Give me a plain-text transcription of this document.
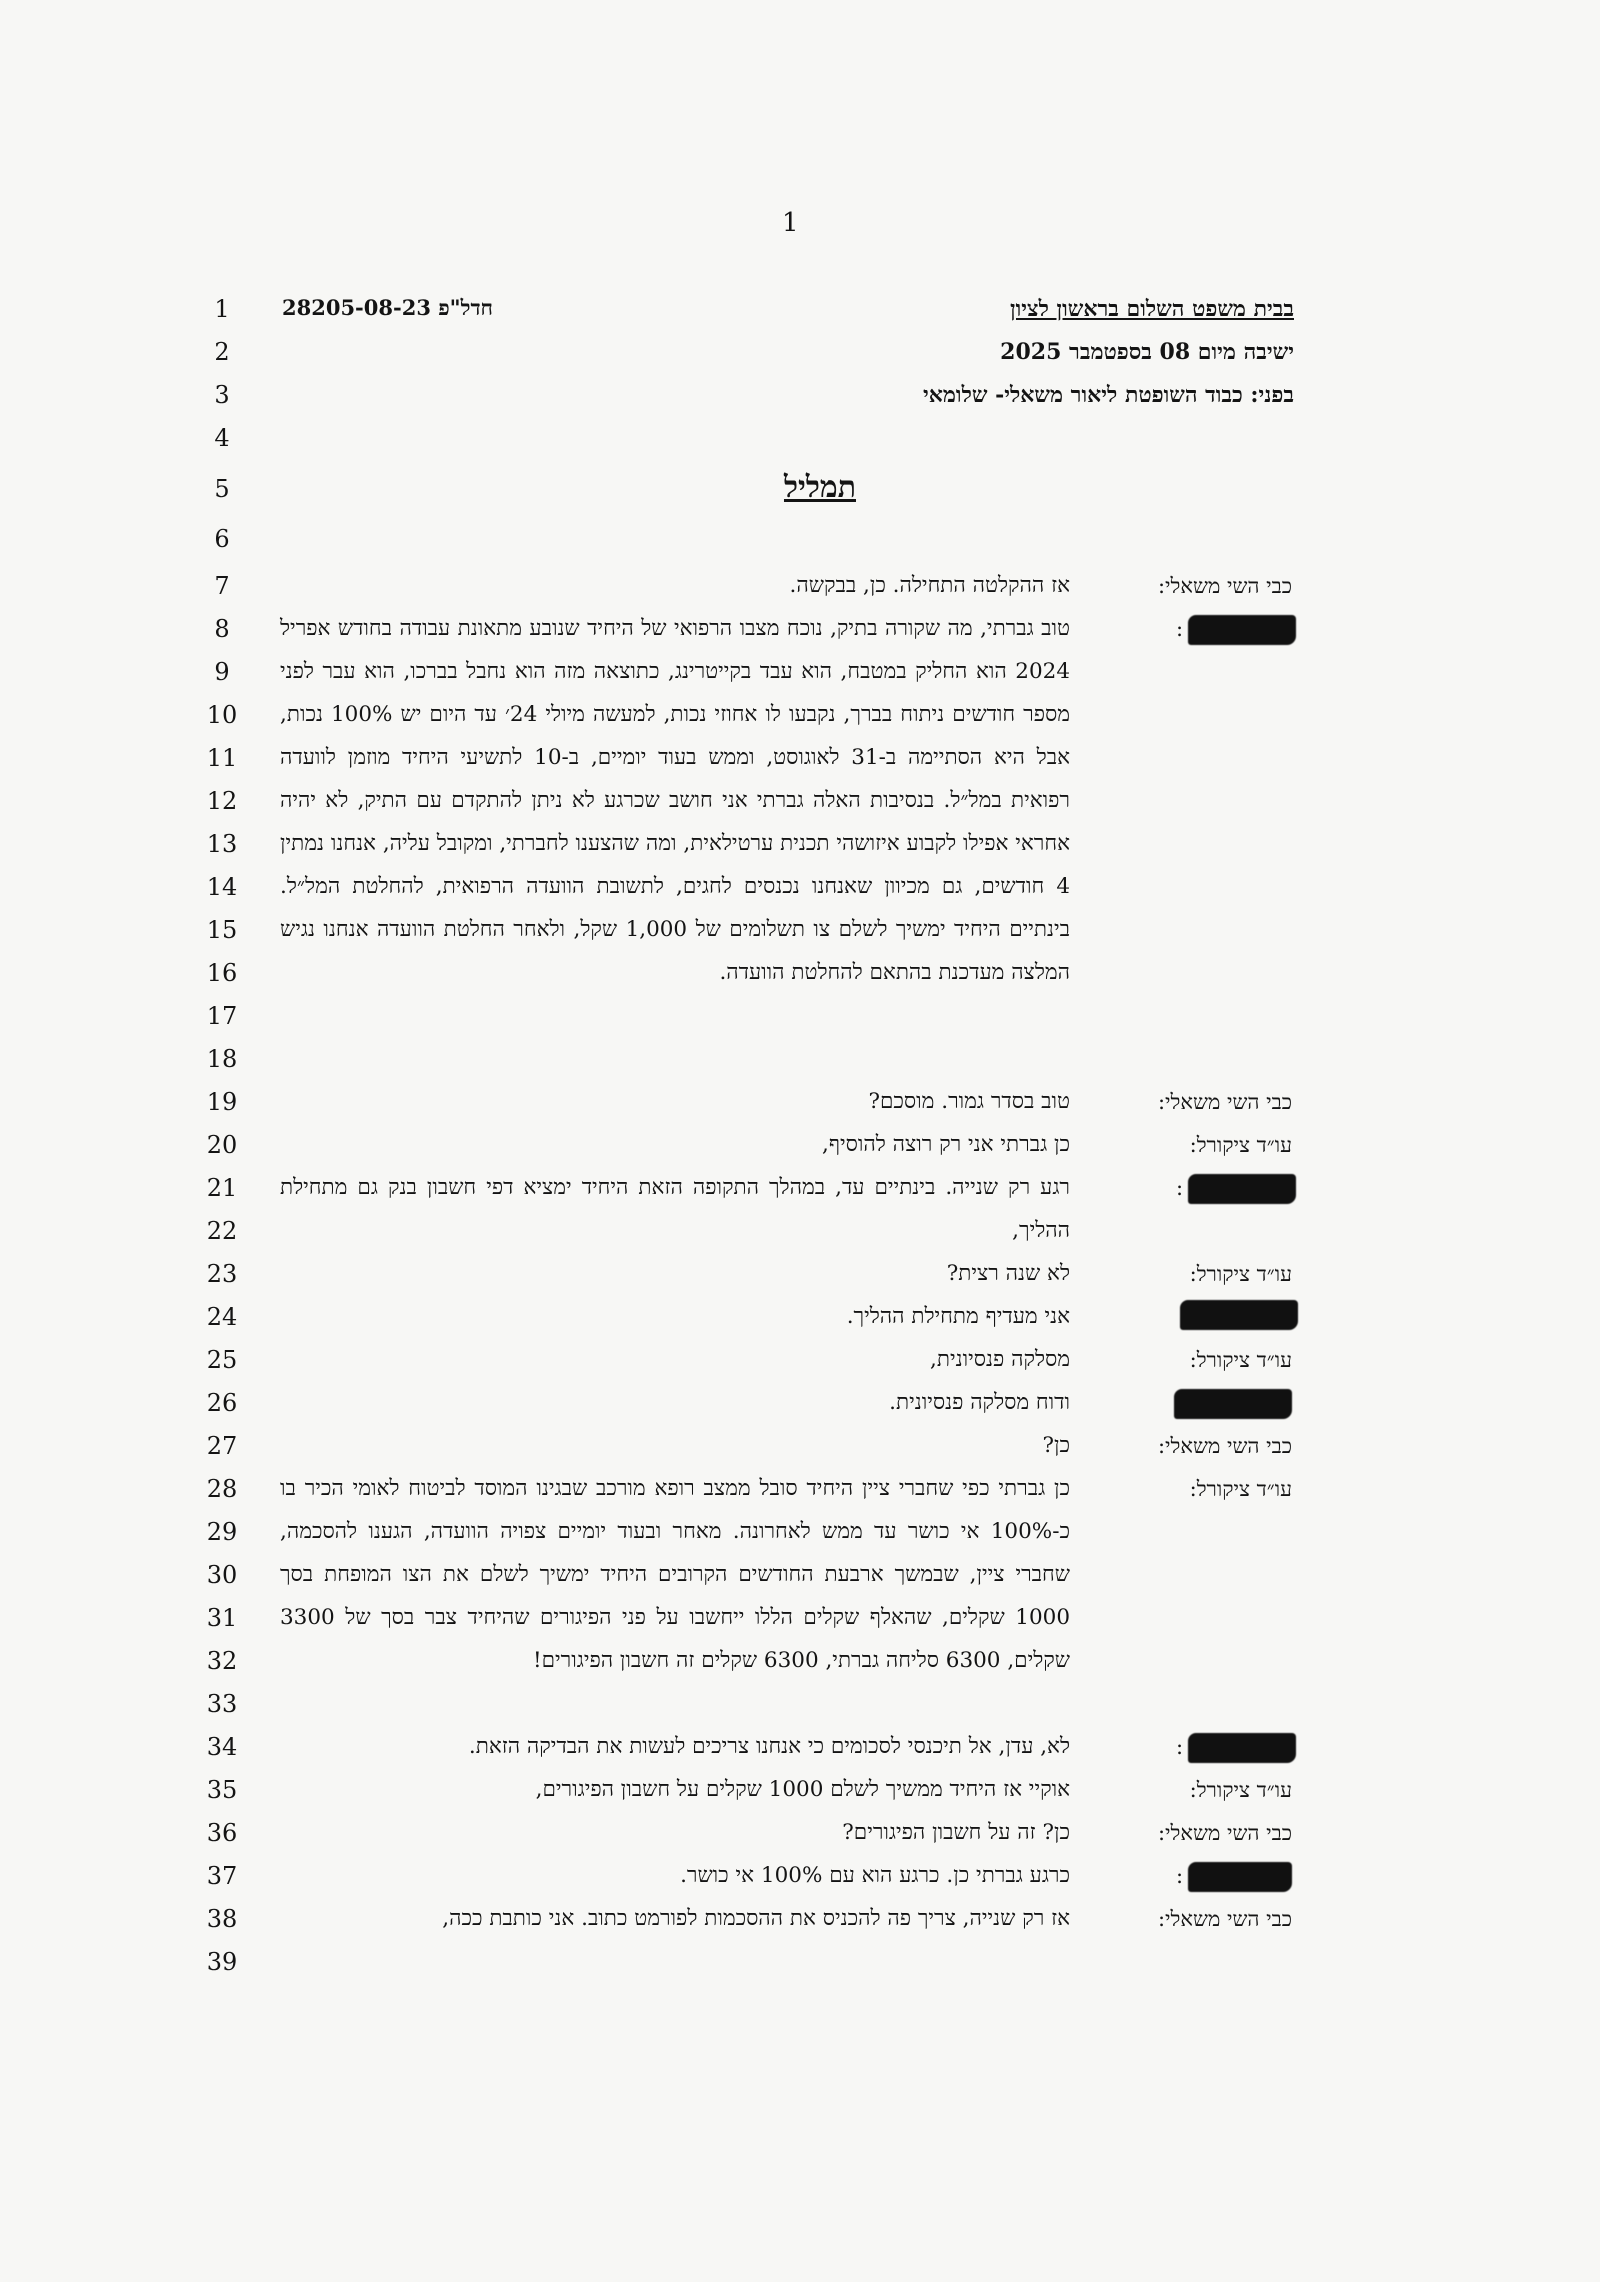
1
1
2
3
4
5
6
7
8
9
10
11
12
13
14
15
16
17
18
19
20
21
22
23
24
25
26
27
28
29
30
31
32
33
34
35
36
37
38
39
בבית משפט השלום בראשון לציון
ישיבה מיום 08 בספטמבר 2025
בפני: כבוד השופטת ליאור משאלי- שלומאי
חדל"פ 28205-08-23
תמליל
כבי השי משאלי:
אז ההקלטה התחילה. כן, בבקשה.
:
טוב גברתי, מה שקורה בתיק, נוכח מצבו הרפואי של היחיד שנובע מתאונת עבודה בחודש אפריל 2024 הוא החליק במטבח, הוא עבד בקייטרינג, כתוצאה מזה הוא נחבל בברכו, הוא עבר לפני מספר חודשים ניתוח בברך, נקבעו לו אחוזי נכות, למעשה מיולי 24׳ עד היום יש 100% נכות, אבל היא הסתיימה ב-31 לאוגוסט, וממש בעוד יומיים, ב-10 לתשיעי היחיד מוזמן לוועדה רפואית במל״ל. בנסיבות האלה גברתי אני חושב שכרגע לא ניתן להתקדם עם התיק, לא יהיה אחראי אפילו לקבוע איזושהי תכנית ערטילאית, ומה שהצענו לחברתי, ומקובל עליה, אנחנו נמתין 4 חודשים, גם מכיוון שאנחנו נכנסים לחגים, לתשובת הוועדה הרפואית, להחלטת המל״ל. בינתיים היחיד ימשיך לשלם צו תשלומים של 1,000 שקל, ולאחר החלטת הוועדה אנחנו נגיש המלצה מעדכנת בהתאם להחלטת הוועדה.
כבי השי משאלי:
טוב בסדר גמור. מוסכם?
עו״ד ציקורל:
כן גברתי אני רק רוצה להוסיף,
:
רגע רק שנייה. בינתיים עד, במהלך התקופה הזאת היחיד ימציא דפי חשבון בנק גם מתחילת ההליך,
עו״ד ציקורל:
לא שנה רצית?
אני מעדיף מתחילת ההליך.
עו״ד ציקורל:
מסלקה פנסיונית,
ודוח מסלקה פנסיונית.
כבי השי משאלי:
כן?
עו״ד ציקורל:
כן גברתי כפי שחברי ציין היחיד סובל ממצב רופא מורכב שבגינו המוסד לביטוח לאומי הכיר בו כ-100% אי כושר עד ממש לאחרונה. מאחר ובעוד יומיים צפויה הוועדה, הגענו להסכמה, שחברי ציין, שבמשך ארבעת החודשים הקרובים היחיד ימשיך לשלם את הצו המופחת בסך 1000 שקלים, שהאלף שקלים הללו ייחשבו על פני הפיגורים שהיחיד צבר בסך של 3300 שקלים, 6300 סליחה גברתי, 6300 שקלים זה חשבון הפיגורים!
:
לא, עדן, אל תיכנסי לסכומים כי אנחנו צריכים לעשות את הבדיקה הזאת.
עו״ד ציקורל:
אוקיי אז היחיד ממשיך לשלם 1000 שקלים על חשבון הפיגורים,
כבי השי משאלי:
כן? זה על חשבון הפיגורים?
:
כרגע גברתי כן. כרגע הוא עם 100% אי כושר.
כבי השי משאלי:
אז רק שנייה, צריך פה להכניס את ההסכמות לפורמט כתוב. אני כותבת ככה,
